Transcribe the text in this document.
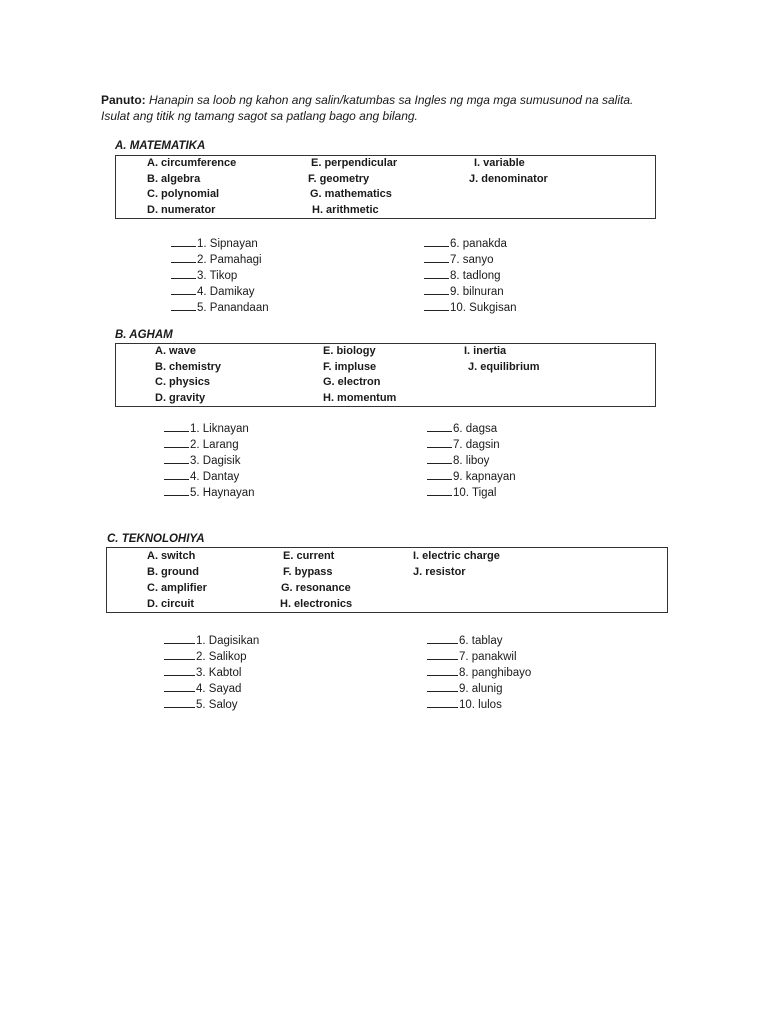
Panuto: Hanapin sa loob ng kahon ang salin/katumbas sa Ingles ng mga mga sumusunod na salita. Isulat ang titik ng tamang sagot sa patlang bago ang bilang.
A. MATEMATIKA
A. circumference
B. algebra
C. polynomial
D. numerator
E. perpendicular
F. geometry
G. mathematics
H. arithmetic
I. variable
J. denominator
1. Sipnayan
2. Pamahagi
3. Tikop
4. Damikay
5. Panandaan
6. panakda
7. sanyo
8. tadlong
9. bilnuran
10. Sukgisan
B. AGHAM
A. wave
B. chemistry
C. physics
D. gravity
E. biology
F. impluse
G. electron
H. momentum
I. inertia
J. equilibrium
1. Liknayan
2. Larang
3. Dagisik
4. Dantay
5. Haynayan
6. dagsa
7. dagsin
8. liboy
9. kapnayan
10. Tigal
C. TEKNOLOHIYA
A. switch
B. ground
C. amplifier
D. circuit
E. current
F. bypass
G. resonance
H. electronics
I. electric charge
J. resistor
1. Dagisikan
2. Salikop
3. Kabtol
4. Sayad
5. Saloy
6. tablay
7. panakwil
8. panghibayo
9. alunig
10. lulos
